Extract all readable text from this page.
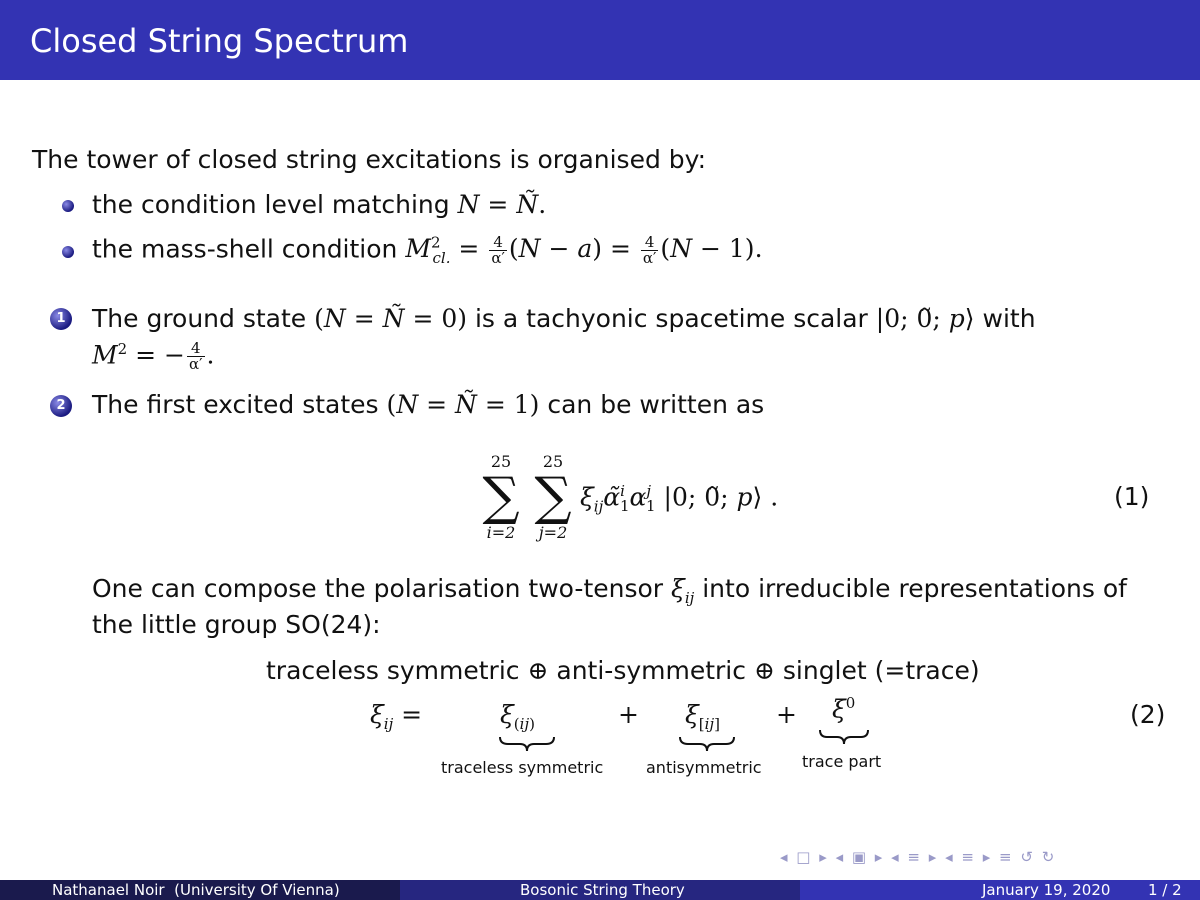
Closed String Spectrum
The tower of closed string excitations is organised by:
the condition level matching N = Ñ.
the mass-shell condition $M^2_{cl.} = \frac{4}{\alpha'} (N - a) = \frac{4}{\alpha'} (N - 1)$.
1 The ground state (N = Ñ = 0) is a tachyonic spacetime scalar |0; 0̃; p⟩ with
$M^2$ = − $\frac{4}{\alpha'}$ .
2 The first excited states (N = Ñ = 1) can be written as
25
∑
i=2
25
∑
j=2
$\xi_{ij}\alphã^i_1\alpha^j_1$ |0; 0̃; p⟩ .	(1)
One can compose the polarisation two-tensor $\xi_{ij}$ into irreducible representations of
the little group SO(24):
traceless symmetric ⊕ anti-symmetric ⊕ singlet (=trace)
$\xi_{ij}$ =	$\xi_{(ij)}$	+ $\xi_{[ij]} + \xi^0$	(2)
traceless symmetric	antisymmetric	trace part
◂ □ ▸ ◂ ▣ ▸ ◂ ≡ ▸ ◂ ≡ ▸ ≡ ↺ ↻
Nathanael Noir (University Of Vienna)	Bosonic String Theory	January 19, 2020	1 / 2
